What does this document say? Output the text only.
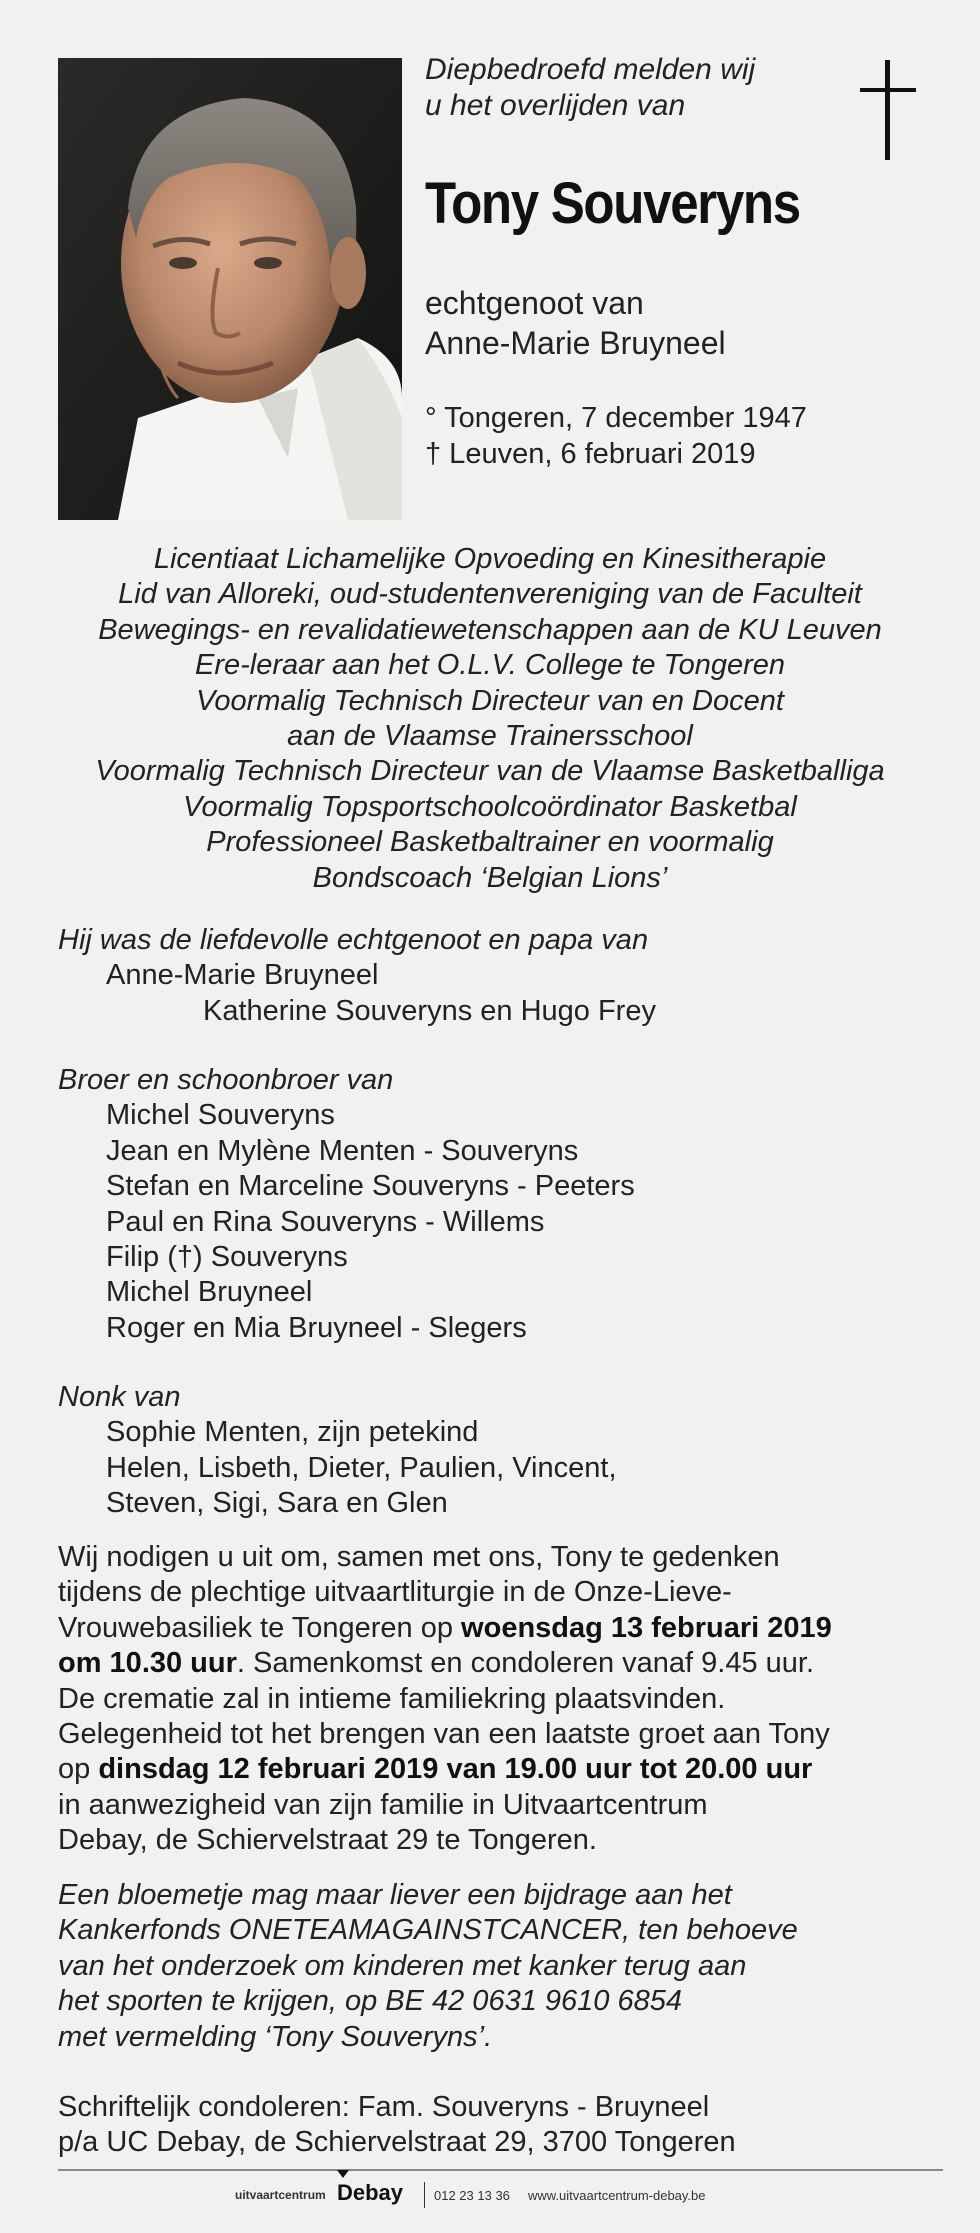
Diepbedroefd melden wij
u het overlijden van
Tony Souveryns
echtgenoot van
Anne-Marie Bruyneel
° Tongeren, 7 december 1947
† Leuven, 6 februari 2019
Licentiaat Lichamelijke Opvoeding en Kinesitherapie
Lid van Alloreki, oud-studentenvereniging van de Faculteit
Bewegings- en revalidatiewetenschappen aan de KU Leuven
Ere-leraar aan het O.L.V. College te Tongeren
Voormalig Technisch Directeur van en Docent
aan de Vlaamse Trainersschool
Voormalig Technisch Directeur van de Vlaamse Basketballiga
Voormalig Topsportschoolcoördinator Basketbal
Professioneel Basketbaltrainer en voormalig
Bondscoach ‘Belgian Lions’
Hij was de liefdevolle echtgenoot en papa van
Anne-Marie Bruyneel
Katherine Souveryns en Hugo Frey
Broer en schoonbroer van
Michel Souveryns
Jean en Mylène Menten - Souveryns
Stefan en Marceline Souveryns - Peeters
Paul en Rina Souveryns - Willems
Filip (†) Souveryns
Michel Bruyneel
Roger en Mia Bruyneel - Slegers
Nonk van
Sophie Menten, zijn petekind
Helen, Lisbeth, Dieter, Paulien, Vincent,
Steven, Sigi, Sara en Glen
Wij nodigen u uit om, samen met ons, Tony te gedenken
tijdens de plechtige uitvaartliturgie in de Onze-Lieve-
Vrouwebasiliek te Tongeren op woensdag 13 februari 2019
om 10.30 uur. Samenkomst en condoleren vanaf 9.45 uur.
De crematie zal in intieme familiekring plaatsvinden.
Gelegenheid tot het brengen van een laatste groet aan Tony
op dinsdag 12 februari 2019 van 19.00 uur tot 20.00 uur
in aanwezigheid van zijn familie in Uitvaartcentrum
Debay, de Schiervelstraat 29 te Tongeren.
Een bloemetje mag maar liever een bijdrage aan het
Kankerfonds ONETEAMAGAINSTCANCER, ten behoeve
van het onderzoek om kinderen met kanker terug aan
het sporten te krijgen, op BE 42 0631 9610 6854
met vermelding ‘Tony Souveryns’.
Schriftelijk condoleren: Fam. Souveryns - Bruyneel
p/a UC Debay, de Schiervelstraat 29, 3700 Tongeren
uitvaartcentrum Debay 012 23 13 36 www.uitvaartcentrum-debay.be
